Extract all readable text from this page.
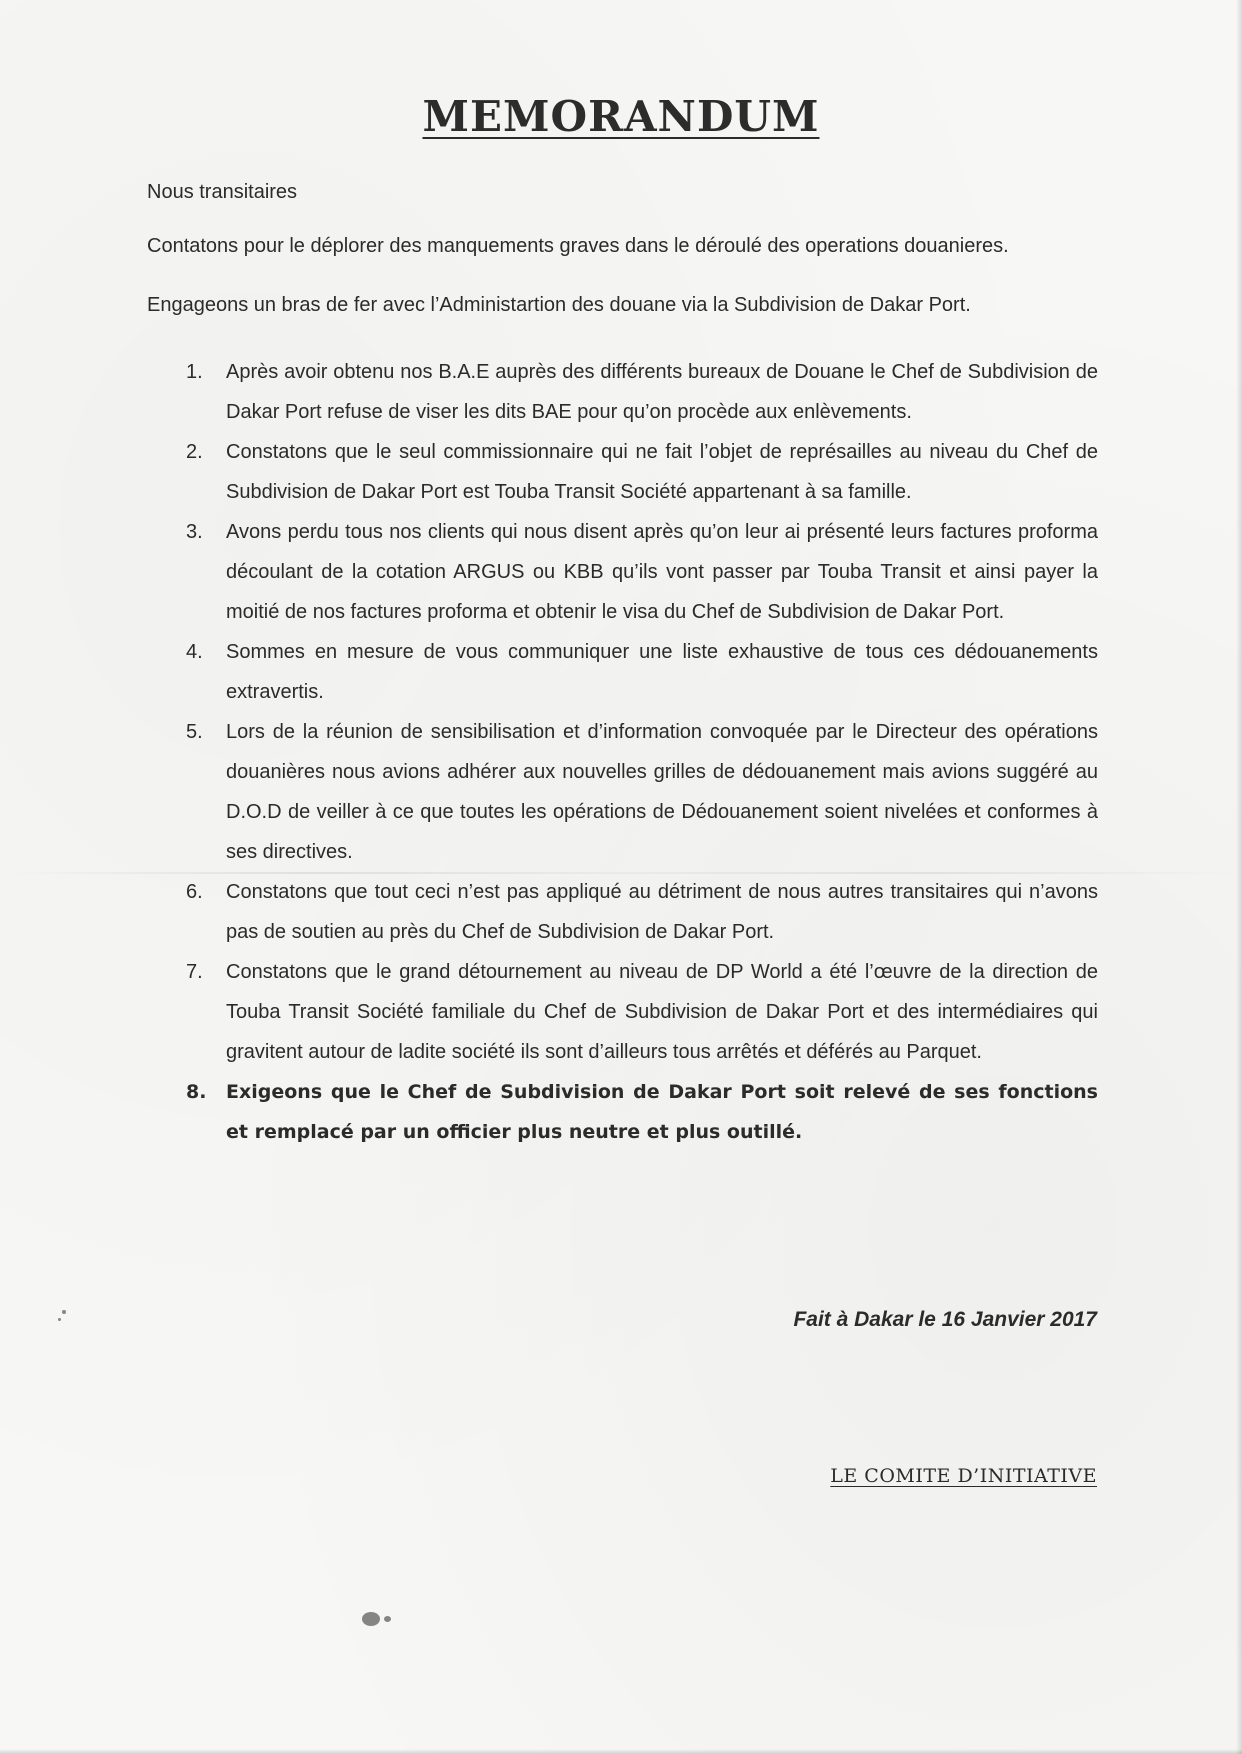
MEMORANDUM
Nous transitaires
Contatons pour le déplorer des manquements graves dans le déroulé des operations douanieres.
Engageons un bras de fer avec l’Administartion des douane via la Subdivision de Dakar Port.
1.	Après avoir obtenu nos B.A.E auprès des différents bureaux de Douane le Chef de Subdivision de Dakar Port refuse de viser les dits BAE pour qu’on procède aux enlèvements.
2.	Constatons que le seul commissionnaire qui ne fait l’objet de représailles au niveau du Chef de Subdivision de Dakar Port est Touba Transit Société appartenant à sa famille.
3.	Avons perdu tous nos clients qui nous disent après qu’on leur ai présenté leurs factures proforma découlant de la cotation ARGUS ou KBB qu’ils vont passer par Touba Transit et ainsi payer la moitié de nos factures proforma et obtenir le visa du Chef de Subdivision de Dakar Port.
4.	Sommes en mesure de vous communiquer une liste exhaustive de tous ces dédouanements extravertis.
5.	Lors de la réunion de sensibilisation et d’information convoquée par le Directeur des opérations douanières nous avions adhérer aux nouvelles grilles de dédouanement mais avions suggéré au D.O.D de veiller à ce que toutes les opérations de Dédouanement soient nivelées et conformes à ses directives.
6.	Constatons que tout ceci n’est pas appliqué au détriment de nous autres transitaires qui n’avons pas de soutien au près du Chef de Subdivision de Dakar Port.
7.	Constatons que le grand détournement au niveau de DP World a été l’œuvre de la direction de Touba Transit Société familiale du Chef de Subdivision de Dakar Port et des intermédiaires qui gravitent autour de ladite société ils sont d’ailleurs tous arrêtés et déférés au Parquet.
8.	Exigeons que le Chef de Subdivision de Dakar Port soit relevé de ses fonctions et remplacé par un officier plus neutre et plus outillé.
Fait à Dakar le 16 Janvier 2017
LE COMITE D’INITIATIVE
